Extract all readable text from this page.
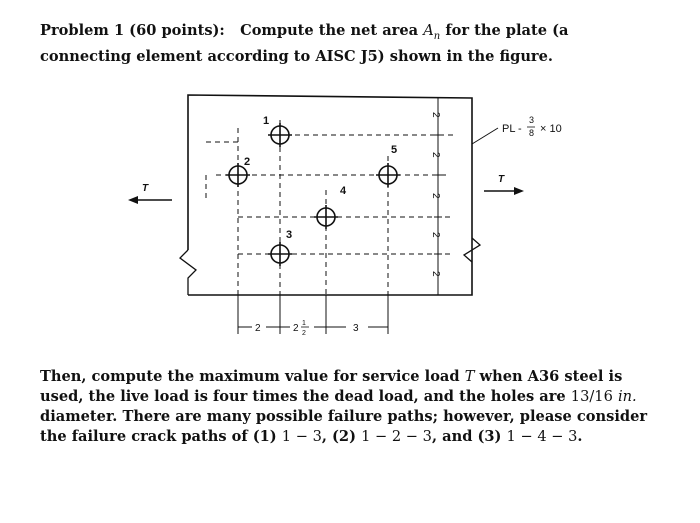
Problem 1 (60 points): Compute the net area $A_n$ for the plate (a connecting element according to AISC J5) shown in the figure.

1
2
3
4
5
2
2
2
2
2
2	2 1
2	3
PL -
3
8 × 10
T
T

Then, compute the maximum value for service load T when A36 steel is used, the live load is four times the dead load, and the holes are 13/16 in. diameter. There are many possible failure paths; however, please consider the failure crack paths of (1) 1 − 3, (2) 1 − 2 − 3, and (3) 1 − 4 − 3.
